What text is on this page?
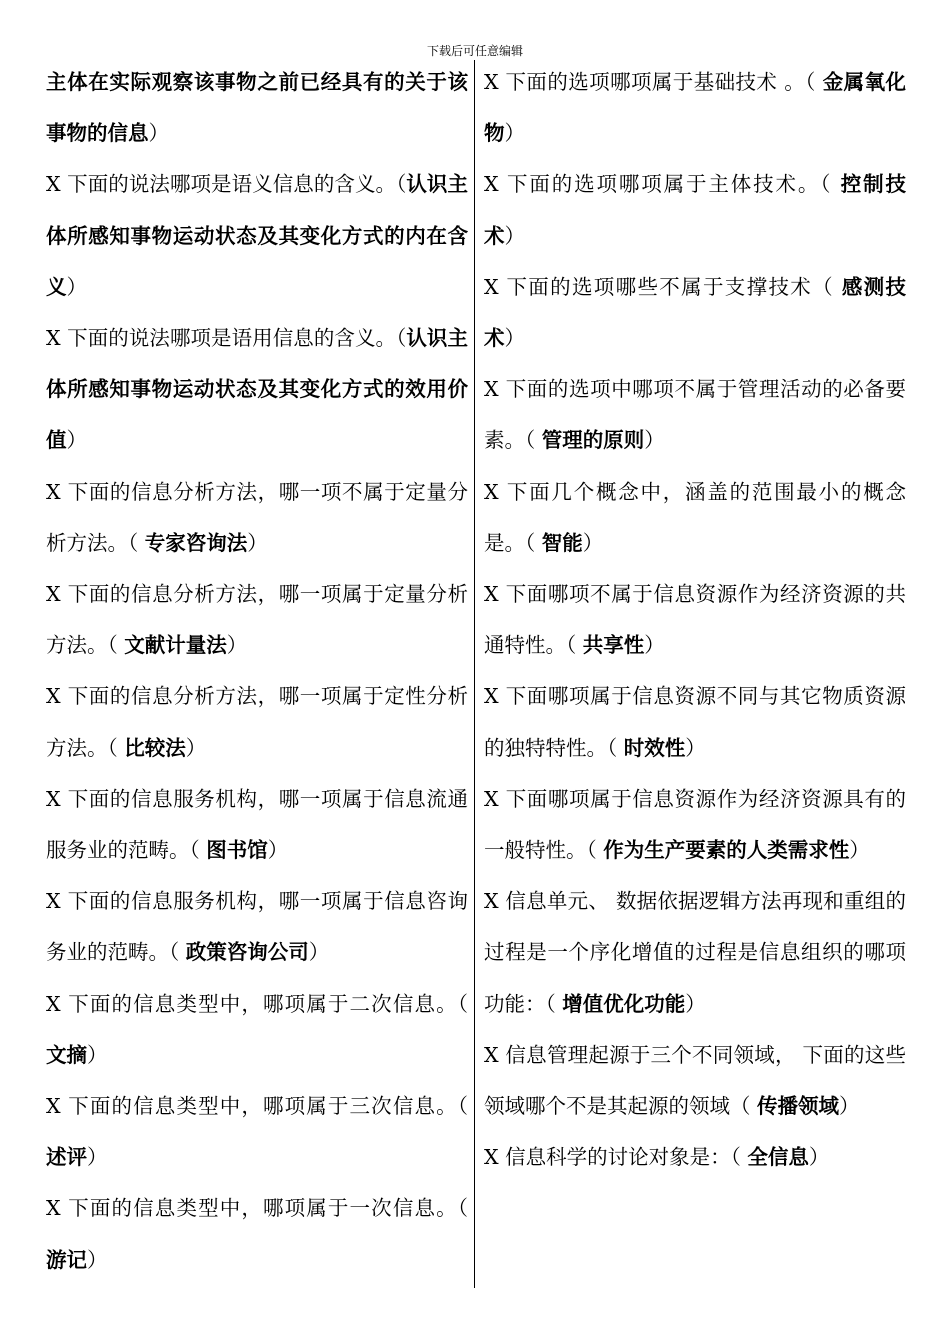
下载后可任意编辑

主体在实际观察该事物之前已经具有的关于该事物的信息）

X 下面的说法哪项是语义信息的含义。（认识主体所感知事物运动状态及其变化方式的内在含义）

X 下面的说法哪项是语用信息的含义。（认识主体所感知事物运动状态及其变化方式的效用价值）

X 下面的信息分析方法，哪一项不属于定量分析方法。（ 专家咨询法）

X 下面的信息分析方法，哪一项属于定量分析方法。（ 文献计量法）

X 下面的信息分析方法，哪一项属于定性分析方法。（ 比较法）

X 下面的信息服务机构，哪一项属于信息流通服务业的范畴。（ 图书馆）

X 下面的信息服务机构，哪一项属于信息咨询务业的范畴。（ 政策咨询公司）

X 下面的信息类型中，哪项属于二次信息。（ 文摘）

X 下面的信息类型中，哪项属于三次信息。（ 述评）

X 下面的信息类型中，哪项属于一次信息。（ 游记）

X 下面的选项哪项属于基础技术 。（ 金属氧化物）

X 下面的选项哪项属于主体技术。（ 控制技术）

X 下面的选项哪些不属于支撑技术（ 感测技术）

X 下面的选项中哪项不属于管理活动的必备要素。（ 管理的原则）

X 下面几个概念中，涵盖的范围最小的概念是。（ 智能）

X 下面哪项不属于信息资源作为经济资源的共通特性。（ 共享性）

X 下面哪项属于信息资源不同与其它物质资源的独特特性。（ 时效性）

X 下面哪项属于信息资源作为经济资源具有的一般特性。（ 作为生产要素的人类需求性）

X 信息单元、 数据依据逻辑方法再现和重组的过程是一个序化增值的过程是信息组织的哪项功能：（ 增值优化功能）

X 信息管理起源于三个不同领域， 下面的这些领域哪个不是其起源的领域（ 传播领域）

X 信息科学的讨论对象是：（ 全信息）
